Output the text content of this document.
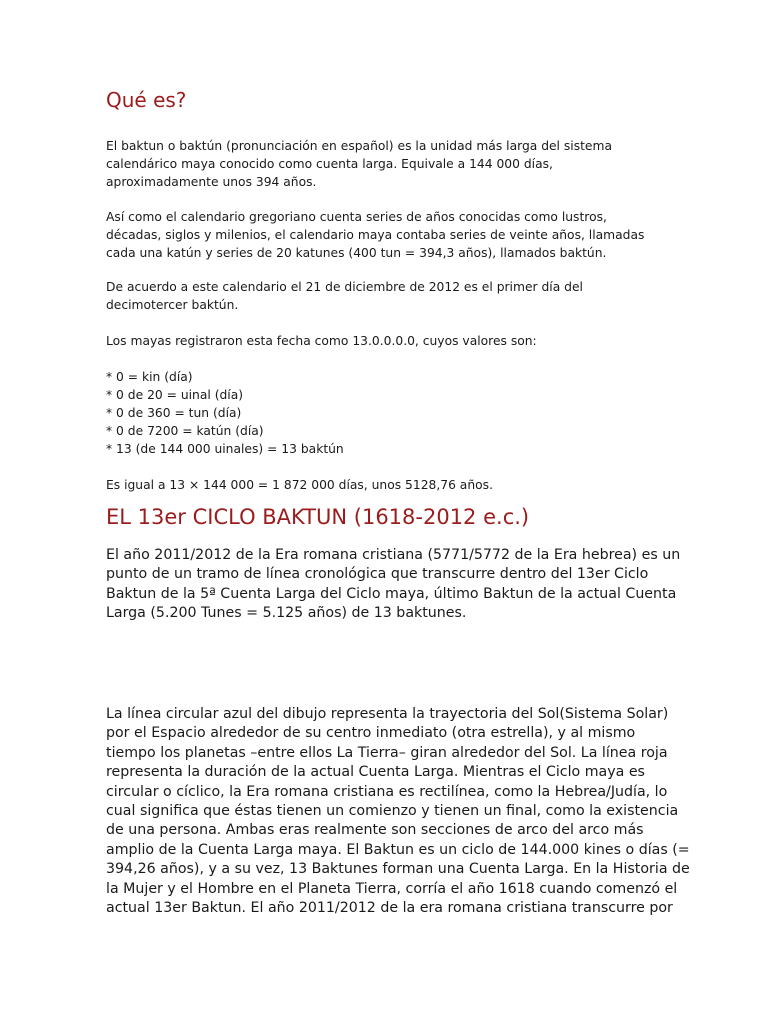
Qué es?
El baktun o baktún (pronunciación en español) es la unidad más larga del sistema
calendárico maya conocido como cuenta larga. Equivale a 144 000 días,
aproximadamente unos 394 años.
Así como el calendario gregoriano cuenta series de años conocidas como lustros,
décadas, siglos y milenios, el calendario maya contaba series de veinte años, llamadas
cada una katún y series de 20 katunes (400 tun = 394,3 años), llamados baktún.
De acuerdo a este calendario el 21 de diciembre de 2012 es el primer día del
decimotercer baktún.
Los mayas registraron esta fecha como 13.0.0.0.0, cuyos valores son:
* 0 = kin (día)
* 0 de 20 = uinal (día)
* 0 de 360 = tun (día)
* 0 de 7200 = katún (día)
* 13 (de 144 000 uinales) = 13 baktún
Es igual a 13 × 144 000 = 1 872 000 días, unos 5128,76 años.
EL 13er CICLO BAKTUN (1618-2012 e.c.)
El año 2011/2012 de la Era romana cristiana (5771/5772 de la Era hebrea) es un
punto de un tramo de línea cronológica que transcurre dentro del 13er Ciclo
Baktun de la 5ª Cuenta Larga del Ciclo maya, último Baktun de la actual Cuenta
Larga (5.200 Tunes = 5.125 años) de 13 baktunes.
La línea circular azul del dibujo representa la trayectoria del Sol(Sistema Solar)
por el Espacio alrededor de su centro inmediato (otra estrella), y al mismo
tiempo los planetas –entre ellos La Tierra– giran alrededor del Sol. La línea roja
representa la duración de la actual Cuenta Larga. Mientras el Ciclo maya es
circular o cíclico, la Era romana cristiana es rectilínea, como la Hebrea/Judía, lo
cual significa que éstas tienen un comienzo y tienen un final, como la existencia
de una persona. Ambas eras realmente son secciones de arco del arco más
amplio de la Cuenta Larga maya. El Baktun es un ciclo de 144.000 kines o días (=
394,26 años), y a su vez, 13 Baktunes forman una Cuenta Larga. En la Historia de
la Mujer y el Hombre en el Planeta Tierra, corría el año 1618 cuando comenzó el
actual 13er Baktun. El año 2011/2012 de la era romana cristiana transcurre por
